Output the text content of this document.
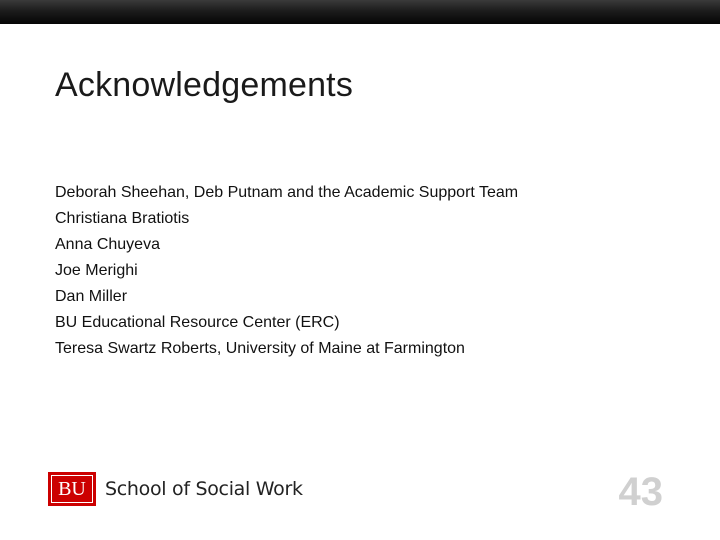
Acknowledgements
Deborah Sheehan, Deb Putnam and the Academic Support Team
Christiana Bratiotis
Anna Chuyeva
Joe Merighi
Dan Miller
BU Educational Resource Center (ERC)
Teresa Swartz Roberts, University of Maine at Farmington
BU School of Social Work	43
